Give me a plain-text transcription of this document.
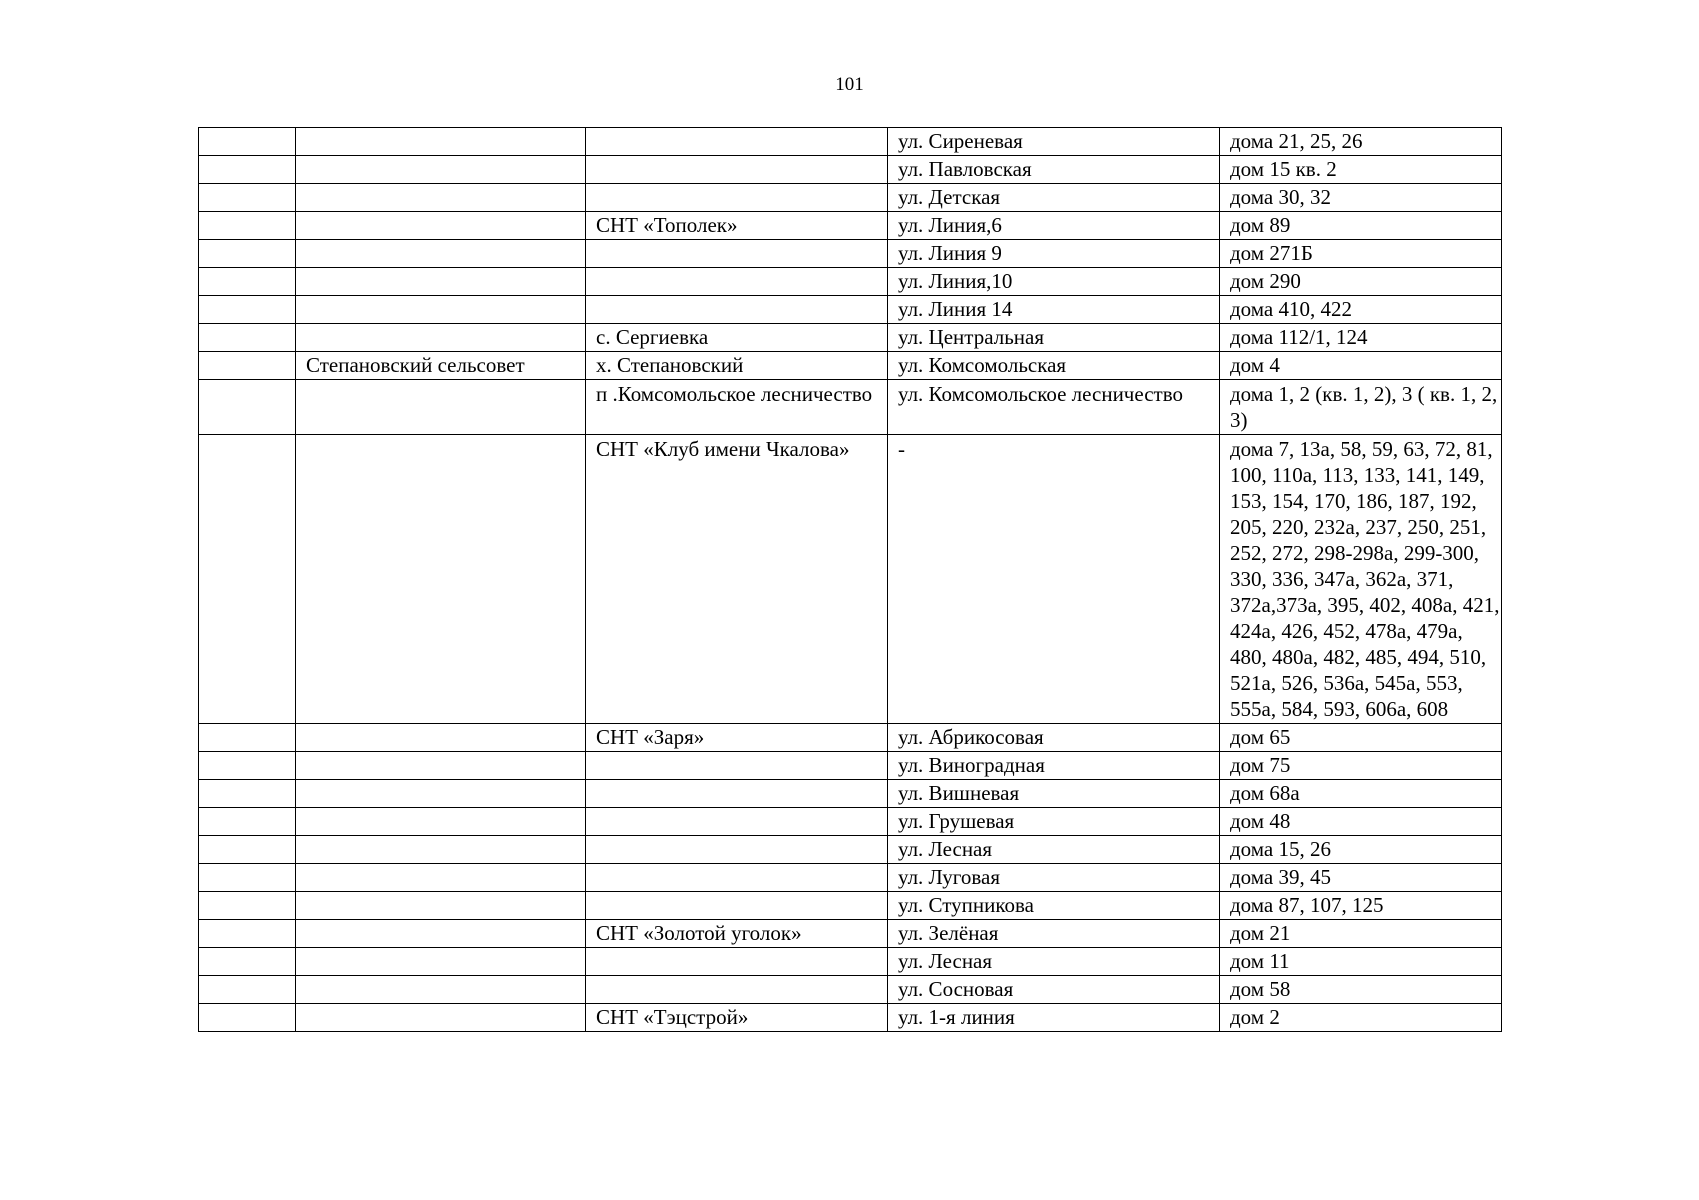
101
			ул. Сиреневая	дома 21, 25, 26
			ул. Павловская	дом 15 кв. 2
			ул. Детская	дома 30, 32
		СНТ «Тополек»	ул. Линия,6	дом 89
			ул. Линия 9	дом 271Б
			ул. Линия,10	дом 290
			ул. Линия 14	дома 410, 422
		с. Сергиевка	ул. Центральная	дома 112/1, 124
	Степановский сельсовет	х. Степановский	ул. Комсомольская	дом 4
		п .Комсомольское лесничество	ул. Комсомольское лесничество	дома 1, 2 (кв. 1, 2), 3 ( кв. 1, 2, 3)
		СНТ «Клуб имени Чкалова»	-	дома 7, 13а, 58, 59, 63, 72, 81, 100, 110а, 113, 133, 141, 149, 153, 154, 170, 186, 187, 192, 205, 220, 232а, 237, 250, 251, 252, 272, 298-298а, 299-300, 330, 336, 347а, 362а, 371, 372а,373а, 395, 402, 408а, 421, 424а, 426, 452, 478а, 479а, 480, 480а, 482, 485, 494, 510, 521а, 526, 536а, 545а, 553, 555а, 584, 593, 606а, 608
		СНТ «Заря»	ул. Абрикосовая	дом 65
			ул. Виноградная	дом 75
			ул. Вишневая	дом 68а
			ул. Грушевая	дом 48
			ул. Лесная	дома 15, 26
			ул. Луговая	дома 39, 45
			ул. Ступникова	дома 87, 107, 125
		СНТ «Золотой уголок»	ул. Зелёная	дом 21
			ул. Лесная	дом 11
			ул. Сосновая	дом 58
		СНТ «Тэцстрой»	ул. 1-я линия	дом 2
